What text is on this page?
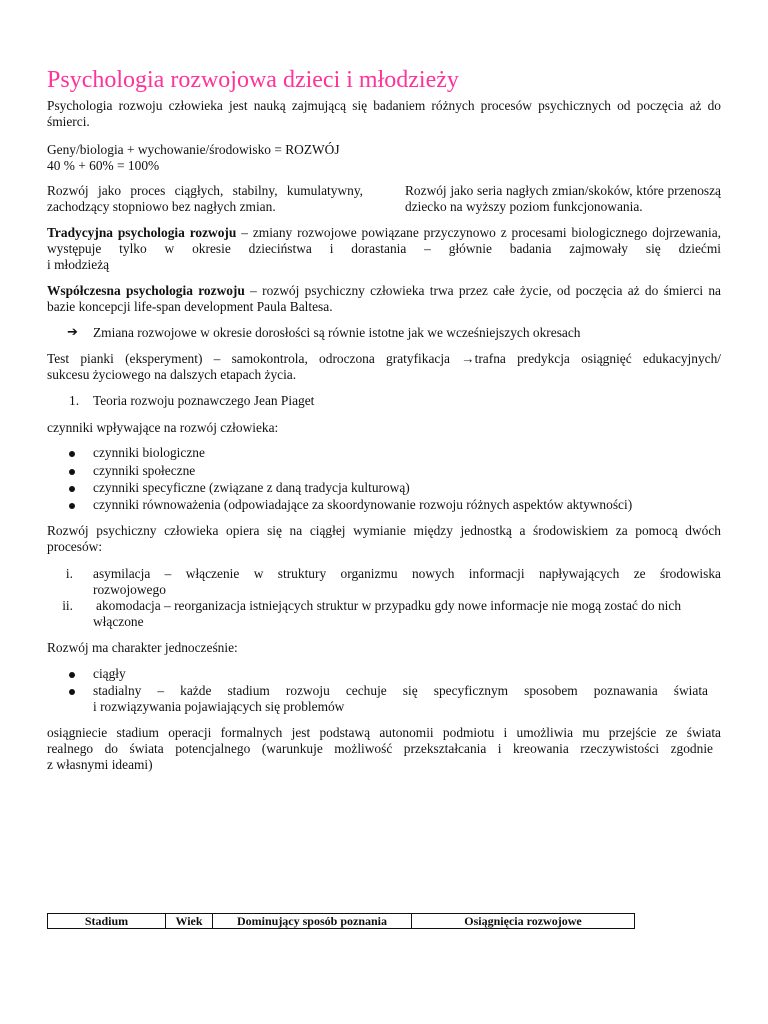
Psychologia rozwojowa dzieci i młodzieży

Psychologia rozwoju człowieka jest nauką zajmującą się badaniem różnych procesów psychicznych od poczęcia aż do śmierci.

Geny/biologia + wychowanie/środowisko = ROZWÓJ

40 % + 60% = 100%

Rozwój jako proces ciągłych, stabilny, kumulatywny, zachodzący stopniowo bez nagłych zmian.

Rozwój jako seria nagłych zmian/skoków, które przenoszą dziecko na wyższy poziom funkcjonowania.

Tradycyjna psychologia rozwoju – zmiany rozwojowe powiązane przyczynowo z procesami biologicznego dojrzewania, występuje tylko w okresie dzieciństwa i dorastania – głównie badania zajmowały się dziećmi

i młodzieżą

Współczesna psychologia rozwoju – rozwój psychiczny człowieka trwa przez całe życie, od poczęcia aż do śmierci na

bazie koncepcji life-span development Paula Baltesa.

➔ Zmiana rozwojowe w okresie dorosłości są równie istotne jak we wcześniejszych okresach

Test pianki (eksperyment) – samokontrola, odroczona gratyfikacja →trafna predykcja osiągnięć edukacyjnych/

sukcesu życiowego na dalszych etapach życia.

1. Teoria rozwoju poznawczego Jean Piaget

czynniki wpływające na rozwój człowieka:

czynniki biologiczne
czynniki społeczne
czynniki specyficzne (związane z daną tradycja kulturową)
czynniki równoważenia (odpowiadające za skoordynowanie rozwoju różnych aspektów aktywności)

Rozwój psychiczny człowieka opiera się na ciągłej wymianie między jednostką a środowiskiem za pomocą dwóch

procesów:

i. asymilacja – włączenie w struktury organizmu nowych informacji napływających ze środowiska

rozwojowego

ii. akomodacja – reorganizacja istniejących struktur w przypadku gdy nowe informacje nie mogą zostać do nich

włączone

Rozwój ma charakter jednocześnie:

ciągły
stadialny – każde stadium rozwoju cechuje się specyficznym sposobem poznawania świata
i rozwiązywania pojawiających się problemów

osiągniecie stadium operacji formalnych jest podstawą autonomii podmiotu i umożliwia mu przejście ze świata

realnego do świata potencjalnego (warunkuje możliwość przekształcania i kreowania rzeczywistości zgodnie

z własnymi ideami)

Stadium	Wiek	Dominujący sposób poznania	Osiągnięcia rozwojowe
